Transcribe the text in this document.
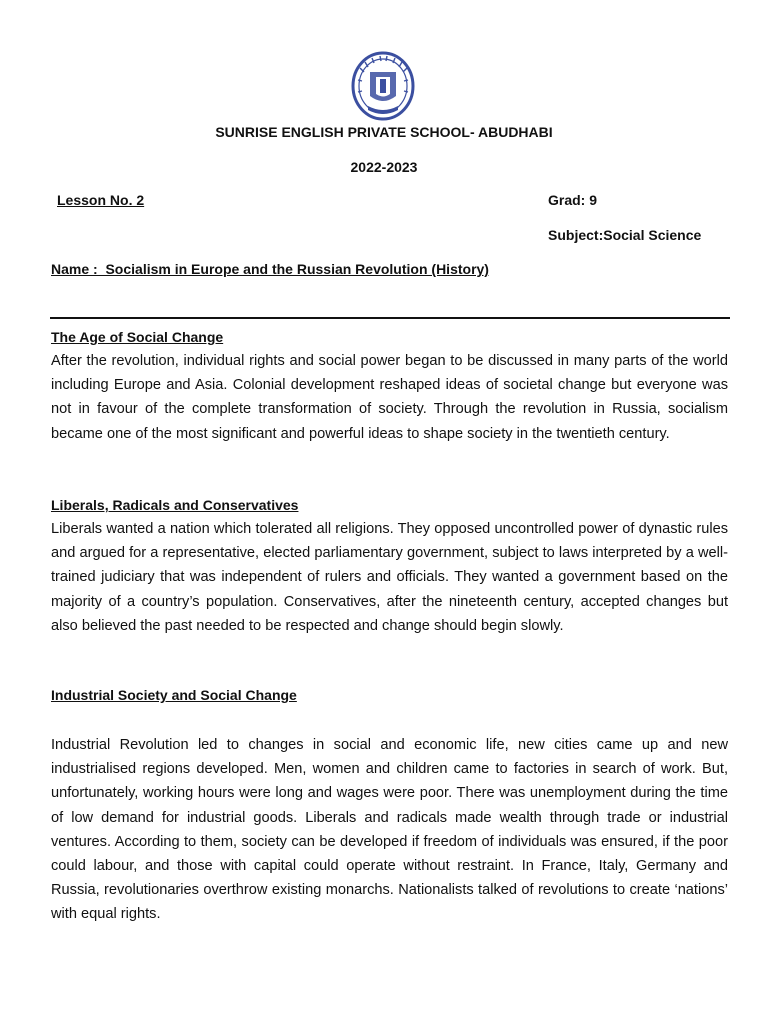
SUNRISE ENGLISH PRIVATE SCHOOL- ABUDHABI
2022-2023
Lesson No. 2	Grad: 9
Subject:Social Science
Name :  Socialism in Europe and the Russian Revolution (History)
The Age of Social Change

After the revolution, individual rights and social power began to be discussed in many parts of the world including Europe and Asia. Colonial development reshaped ideas of societal change but everyone was not in favour of the complete transformation of society. Through the revolution in Russia, socialism became one of the most significant and powerful ideas to shape society in the twentieth century.

Liberals, Radicals and Conservatives

Liberals wanted a nation which tolerated all religions. They opposed uncontrolled power of dynastic rules and argued for a representative, elected parliamentary government, subject to laws interpreted by a well-trained judiciary that was independent of rulers and officials. They wanted a government based on the majority of a country’s population. Conservatives, after the nineteenth century, accepted changes but also believed the past needed to be respected and change should begin slowly.

Industrial Society and Social Change

Industrial Revolution led to changes in social and economic life, new cities came up and new industrialised regions developed. Men, women and children came to factories in search of work. But, unfortunately, working hours were long and wages were poor. There was unemployment during the time of low demand for industrial goods. Liberals and radicals made wealth through trade or industrial ventures. According to them, society can be developed if freedom of individuals was ensured, if the poor could labour, and those with capital could operate without restraint. In France, Italy, Germany and Russia, revolutionaries overthrow existing monarchs. Nationalists talked of revolutions to create ‘nations’ with equal rights.
